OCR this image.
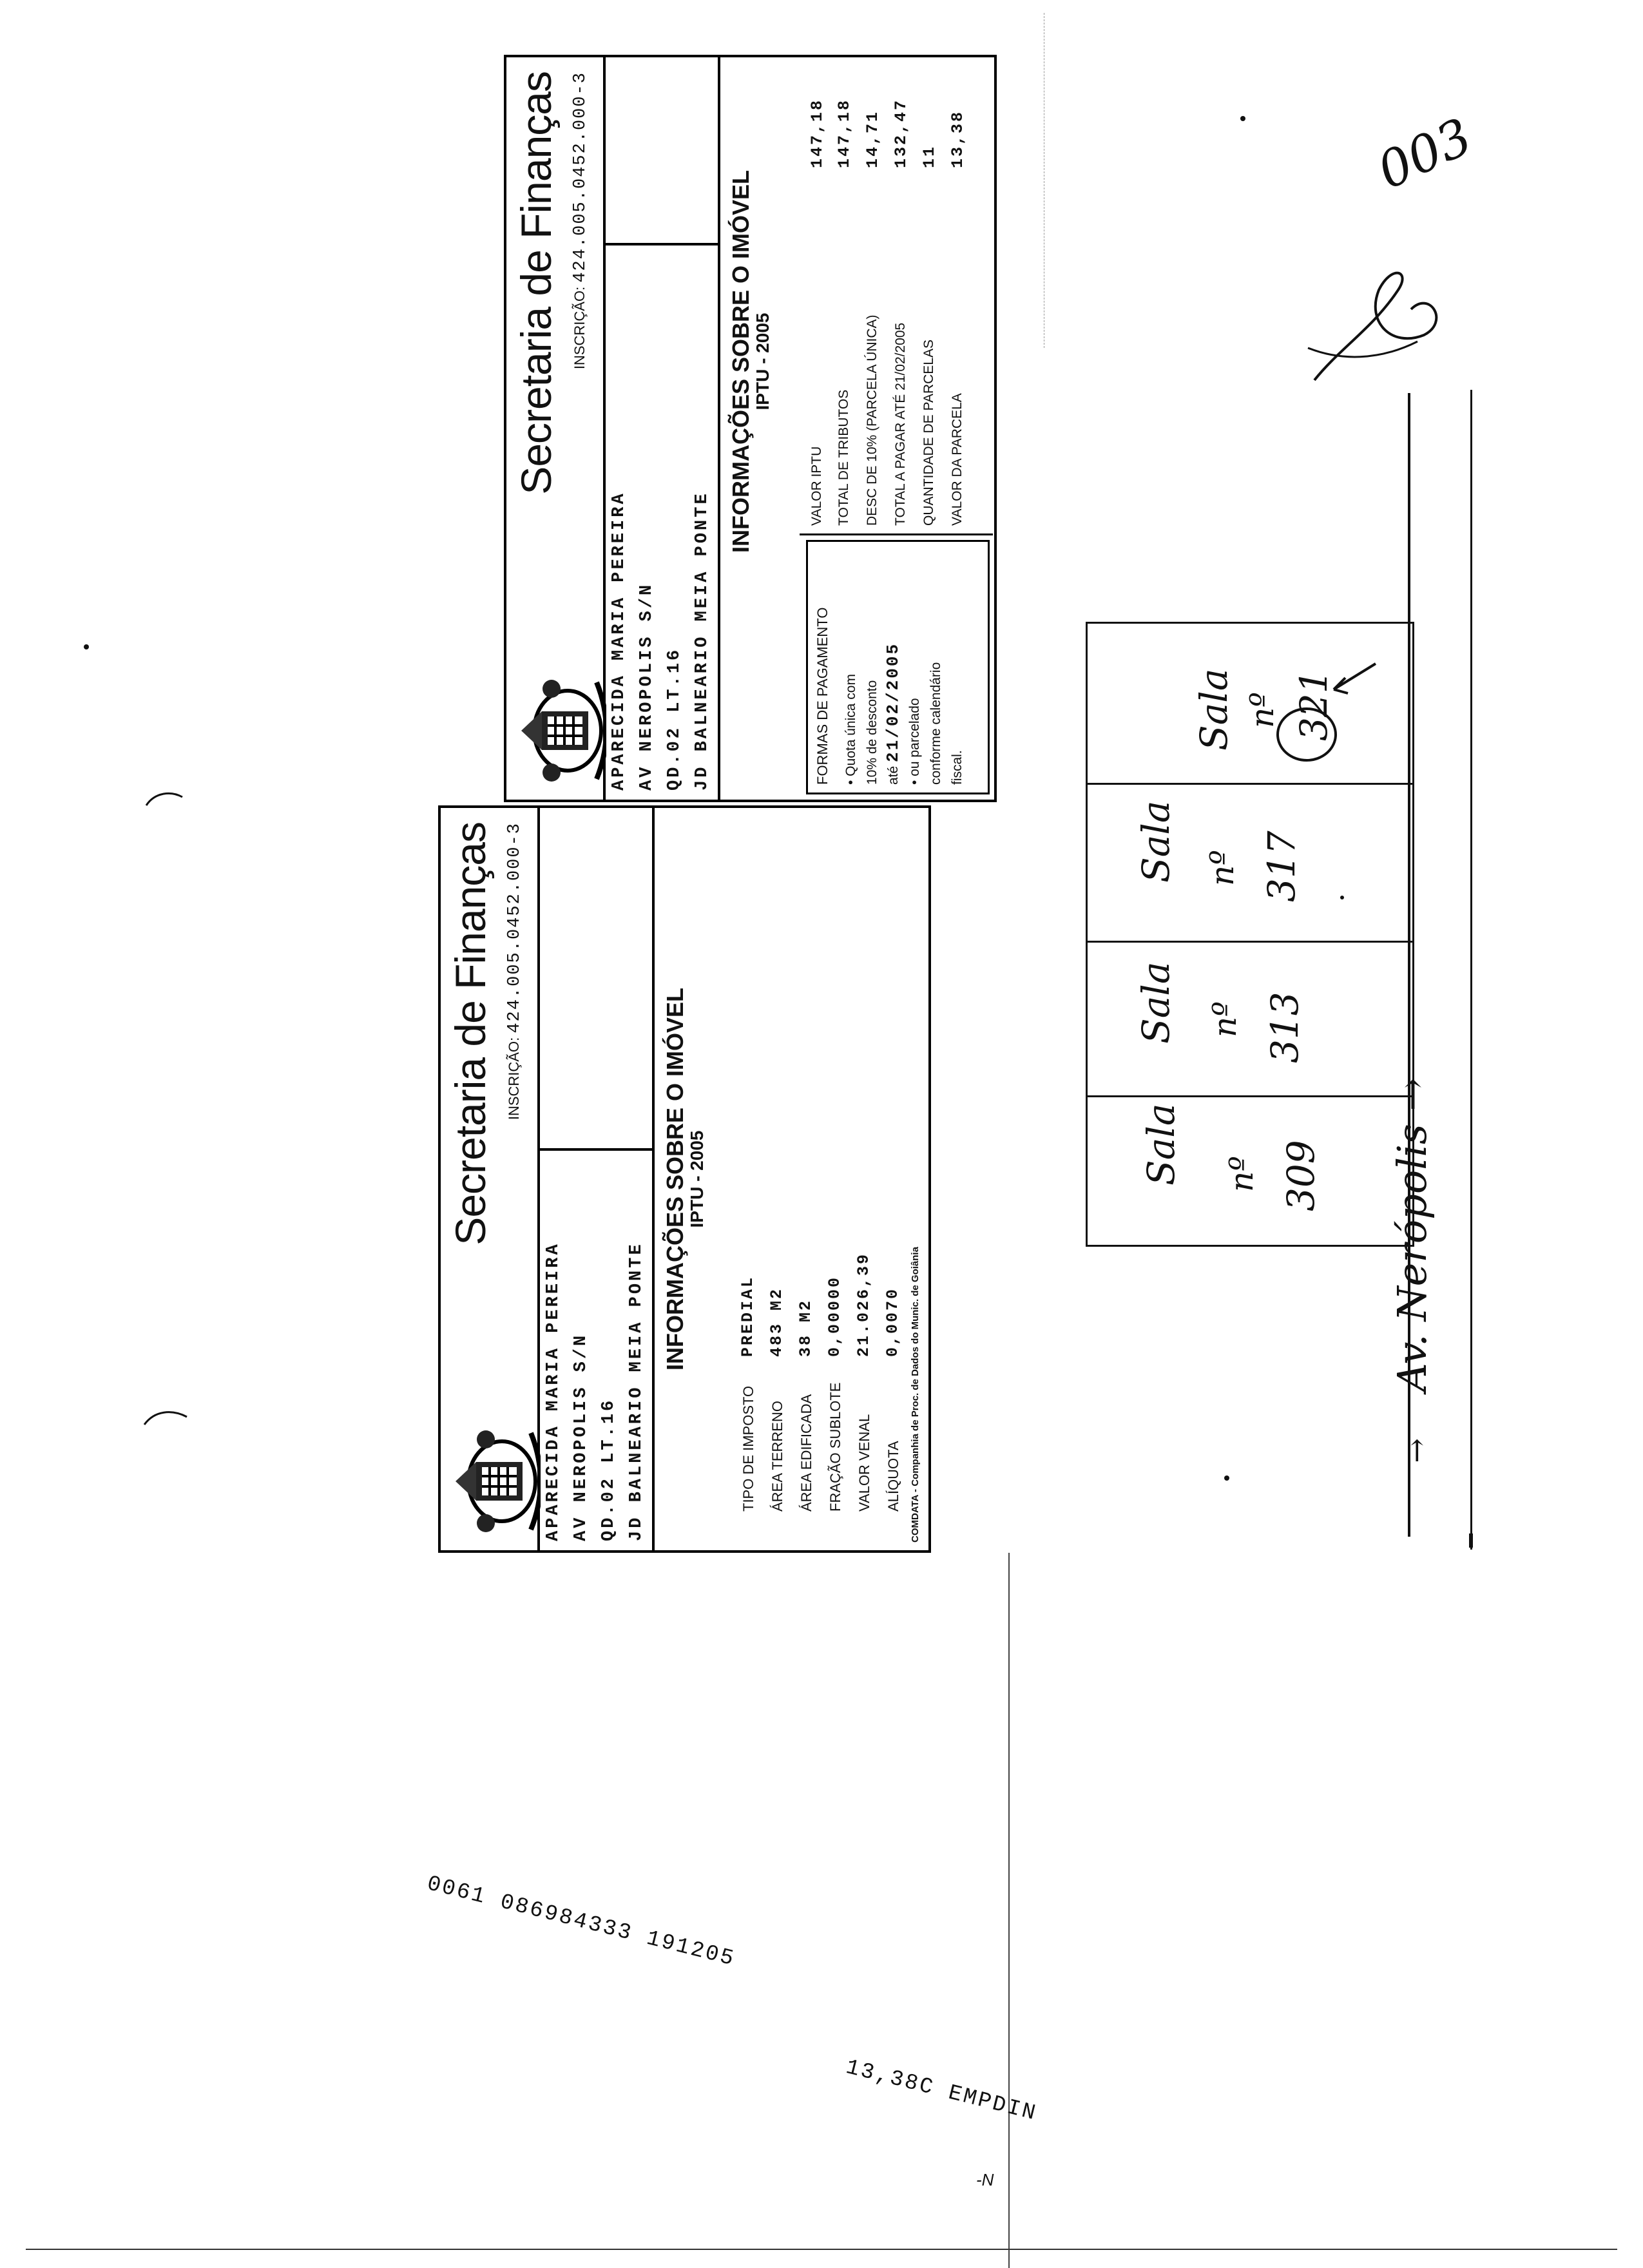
Secretaria de Finanças INSCRIÇÃO: 424.005.0452.000-3
APARECIDA MARIA PEREIRA AV NEROPOLIS S/N QD.02 LT.16 JD BALNEARIO MEIA PONTE
INFORMAÇÕES SOBRE O IMÓVEL
IPTU - 2005
TIPO DE IMPOSTO
PREDIAL
ÁREA TERRENO
483 M2
ÁREA EDIFICADA
38 M2
FRAÇÃO SUBLOTE
0,00000
VALOR VENAL
21.026,39
ALÍQUOTA
0,0070 COMDATA - Companhia de Proc. de Dados do Munic. de Goiânia
Secretaria de Finanças INSCRIÇÃO: 424.005.0452.000-3
APARECIDA MARIA PEREIRA AV NEROPOLIS S/N QD.02 LT.16 JD BALNEARIO MEIA PONTE
INFORMAÇÕES SOBRE O IMÓVEL
IPTU - 2005
FORMAS DE PAGAMENTO • Quota única com 10% de desconto até 21/02/2005 • ou parcelado conforme calendário fiscal.
VALOR IPTU
147,18
TOTAL DE TRIBUTOS
147,18
DESC DE 10% (PARCELA ÚNICA)
14,71
TOTAL A PAGAR ATÉ 21/02/2005
132,47
QUANTIDADE DE PARCELAS
11
VALOR DA PARCELA
13,38
0061 086984333 191205
13,38C EMPDIN
-N
Sala nº 309
Sala nº 313
Sala nº 317
Sala nº 321
Av. Nerópolis →
↑
003
